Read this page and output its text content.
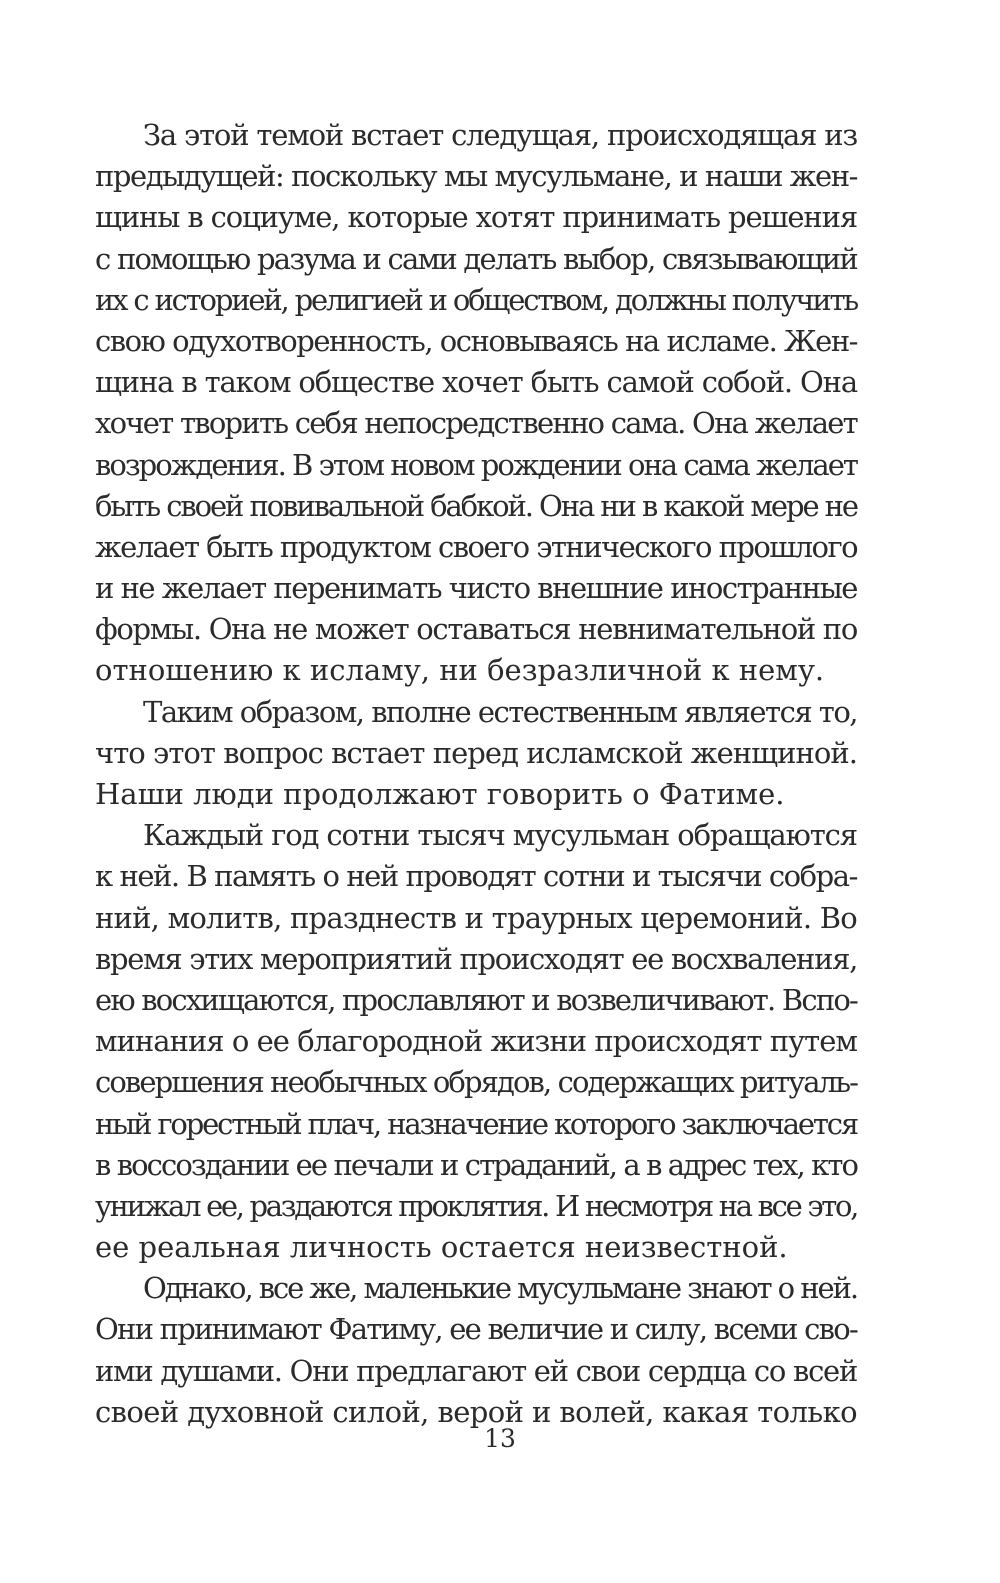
За этой темой встает следущая, происходящая из
предыдущей: поскольку мы мусульмане, и наши жен-
щины в социуме, которые хотят принимать решения
с помощью разума и сами делать выбор, связывающий
их с историей, религией и обществом, должны получить
свою одухотворенность, основываясь на исламе. Жен-
щина в таком обществе хочет быть самой собой. Она
хочет творить себя непосредственно сама. Она желает
возрождения. В этом новом рождении она сама желает
быть своей повивальной бабкой. Она ни в какой мере не
желает быть продуктом своего этнического прошлого
и не желает перенимать чисто внешние иностранные
формы. Она не может оставаться невнимательной по
отношению к исламу, ни безразличной к нему.
Таким образом, вполне естественным является то,
что этот вопрос встает перед исламской женщиной.
Наши люди продолжают говорить о Фатиме.
Каждый год сотни тысяч мусульман обращаются
к ней. В память о ней проводят сотни и тысячи собра-
ний, молитв, празднеств и траурных церемоний. Во
время этих мероприятий происходят ее восхваления,
ею восхищаются, прославляют и возвеличивают. Вспо-
минания о ее благородной жизни происходят путем
совершения необычных обрядов, содержащих ритуаль-
ный горестный плач, назначение которого заключается
в воссоздании ее печали и страданий, а в адрес тех, кто
унижал ее, раздаются проклятия. И несмотря на все это,
ее реальная личность остается неизвестной.
Однако, все же, маленькие мусульмане знают о ней.
Они принимают Фатиму, ее величие и силу, всеми сво-
ими душами. Они предлагают ей свои сердца со всей
своей духовной силой, верой и волей, какая только
13
